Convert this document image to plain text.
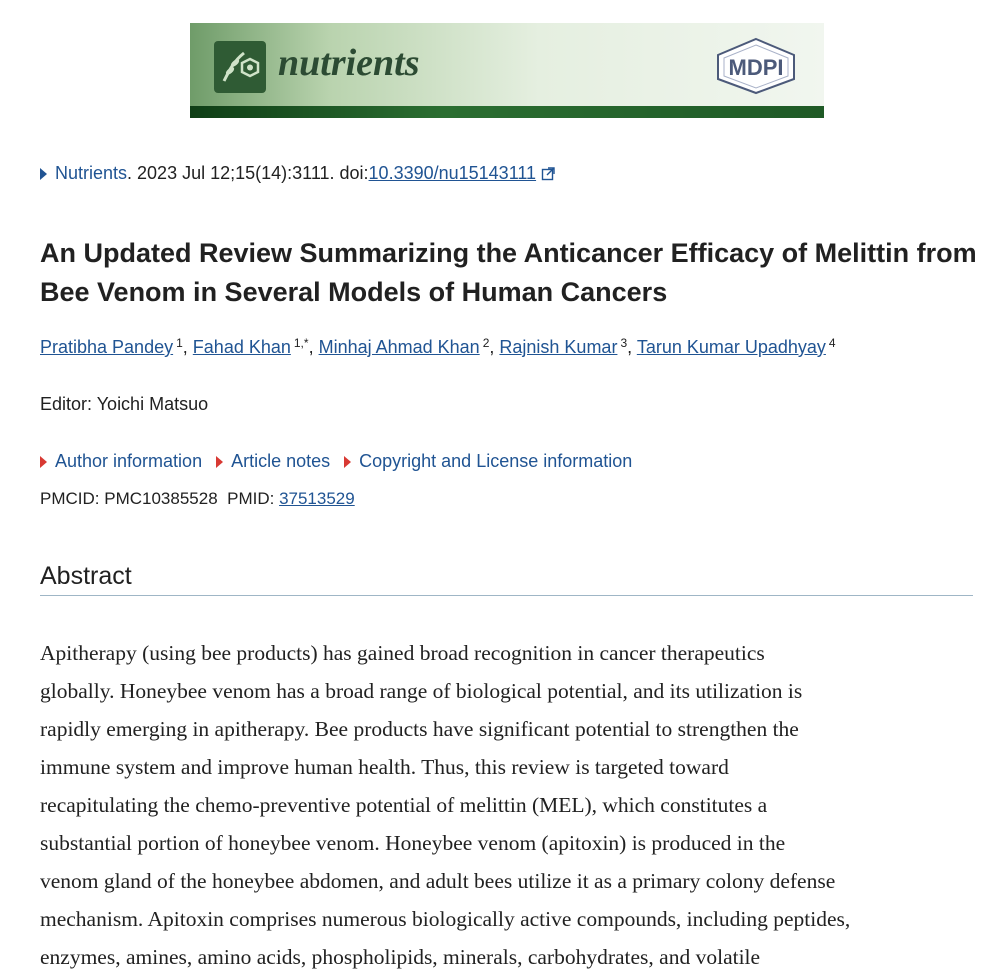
nutrients	MDPI
Nutrients . 2023 Jul 12;15(14):3111. doi: 10.3390/nu15143111
An Updated Review Summarizing the Anticancer Efficacy of Melittin from Bee Venom in Several Models of Human Cancers
Pratibha Pandey $^1$, Fahad Khan $^{1,*}$, Minhaj Ahmad Khan $^2$, Rajnish Kumar $^3$, Tarun Kumar Upadhyay $^4$
Editor: Yoichi Matsuo
Author information Article notes Copyright and License information
PMCID: PMC10385528 PMID: 37513529
Abstract
Apitherapy (using bee products) has gained broad recognition in cancer therapeutics
globally. Honeybee venom has a broad range of biological potential, and its utilization is
rapidly emerging in apitherapy. Bee products have significant potential to strengthen the
immune system and improve human health. Thus, this review is targeted toward
recapitulating the chemo-preventive potential of melittin (MEL), which constitutes a
substantial portion of honeybee venom. Honeybee venom (apitoxin) is produced in the
venom gland of the honeybee abdomen, and adult bees utilize it as a primary colony defense
mechanism. Apitoxin comprises numerous biologically active compounds, including peptides,
enzymes, amines, amino acids, phospholipids, minerals, carbohydrates, and volatile
